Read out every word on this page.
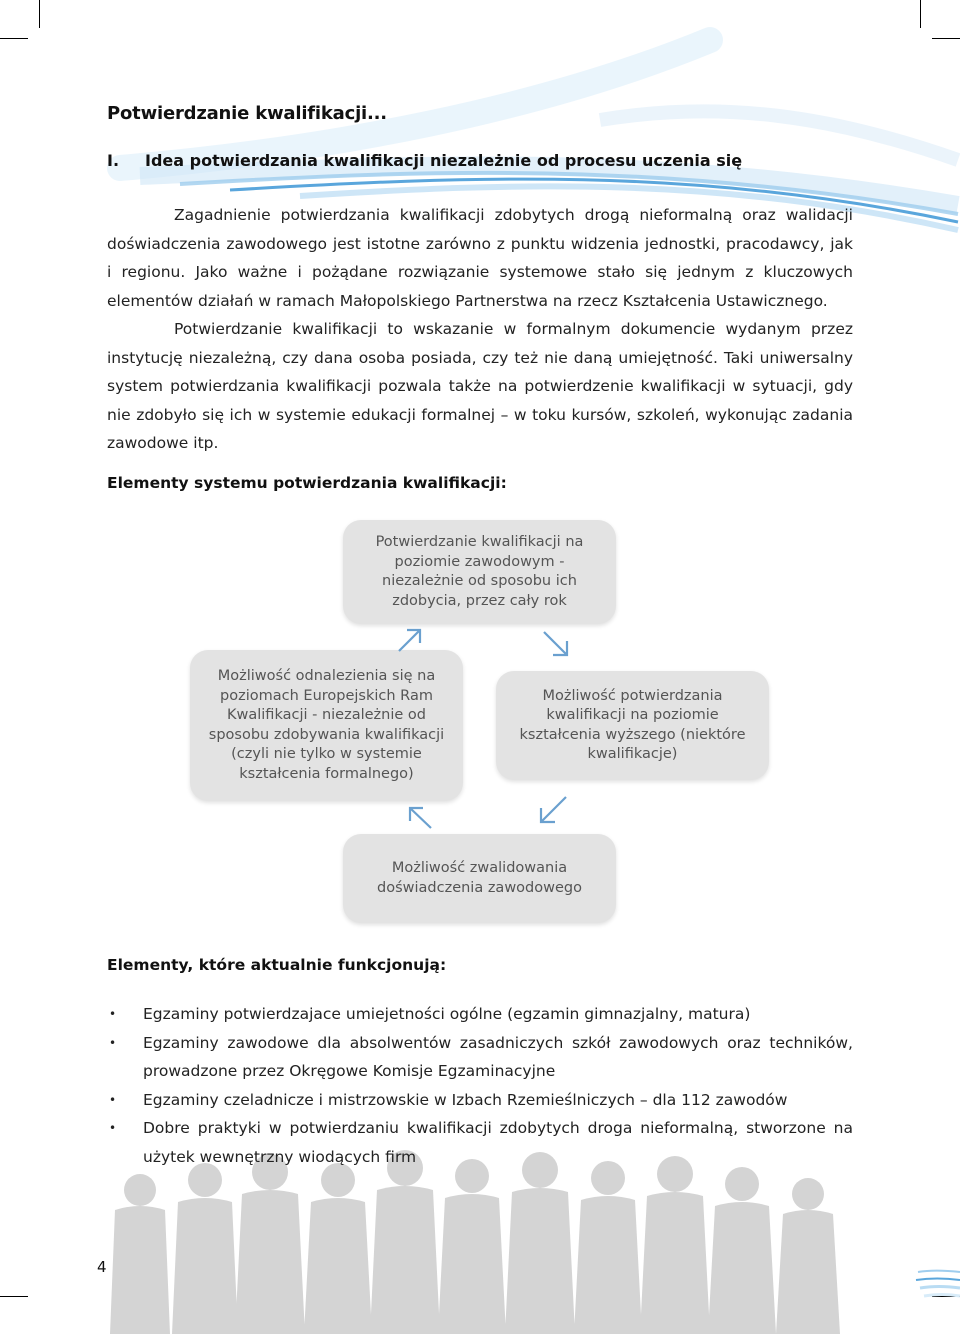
Potwierdzanie kwalifikacji...
I. Idea potwierdzania kwalifikacji niezależnie od procesu uczenia się

Zagadnienie potwierdzania kwalifikacji zdobytych drogą nieformalną oraz walidacji doświadczenia zawodowego jest istotne zarówno z punktu widzenia jednostki, pracodawcy, jak i regionu. Jako ważne i pożądane rozwiązanie systemowe stało się jednym z kluczowych elementów działań w ramach Małopolskiego Partnerstwa na rzecz Kształcenia Ustawicznego.

Potwierdzanie kwalifikacji to wskazanie w formalnym dokumencie wydanym przez instytucję niezależną, czy dana osoba posiada, czy też nie daną umiejętność. Taki uniwersalny system potwierdzania kwalifikacji pozwala także na potwierdzenie kwalifikacji w sytuacji, gdy nie zdobyło się ich w systemie edukacji formalnej – w toku kursów, szkoleń, wykonując zadania zawodowe itp.

Elementy systemu potwierdzania kwalifikacji:
Potwierdzanie kwalifikacji na poziomie zawodowym - niezależnie od sposobu ich zdobycia, przez cały rok
Możliwość potwierdzania kwalifikacji na poziomie kształcenia wyższego (niektóre kwalifikacje)
Możliwość odnalezienia się na poziomach Europejskich Ram Kwalifikacji - niezależnie od sposobu zdobywania kwalifikacji (czyli nie tylko w systemie kształcenia formalnego)
Możliwość zwalidowania doświadczenia zawodowego
Elementy, które aktualnie funkcjonują:
• Egzaminy potwierdzajace umiejetności ogólne (egzamin gimnazjalny, matura)
• Egzaminy zawodowe dla absolwentów zasadniczych szkół zawodowych oraz techników, prowadzone przez Okręgowe Komisje Egzaminacyjne
• Egzaminy czeladnicze i mistrzowskie w Izbach Rzemieślniczych – dla 112 zawodów
• Dobre praktyki w potwierdzaniu kwalifikacji zdobytych droga nieformalną, stworzone na użytek wewnętrzny wiodących firm
4
